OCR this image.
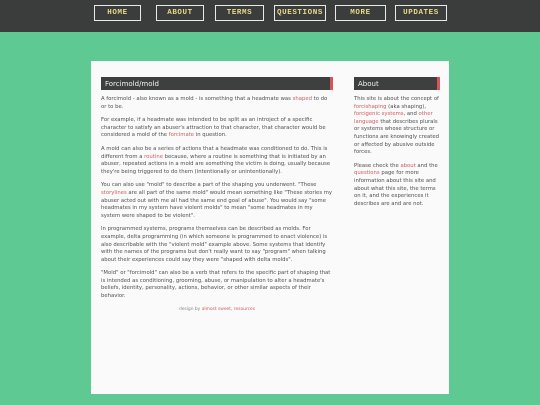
HOME	ABOUT	TERMS	QUESTIONS	MORE	UPDATES
Forcimold/mold

A forcimold - also known as a mold - is something that a headmate was shaped to do or to be.

For example, if a headmate was intended to be split as an introject of a specific character to satisfy an abuser's attraction to that character, that character would be considered a mold of the forcimate in question.

A mold can also be a series of actions that a headmate was conditioned to do. This is different from a routine because, where a routine is something that is initiated by an abuser, repeated actions in a mold are something the victim is doing, usually because they're being triggered to do them (intentionally or unintentionally).

You can also use "mold" to describe a part of the shaping you underwent. "These storylines are all part of the same mold" would mean something like "These stories my abuser acted out with me all had the same end goal of abuse". You would say "some headmates in my system have violent molds" to mean "some headmates in my system were shaped to be violent".

In programmed systems, programs themselves can be described as molds. For example, delta programming (in which someone is programmed to enact violence) is also describable with the "violent mold" example above. Some systems that identify with the names of the programs but don't really want to say "program" when talking about their experiences could say they were "shaped with delta molds".

"Mold" or "forcimold" can also be a verb that refers to the specific part of shaping that is intended as conditioning, grooming, abuse, or manipulation to alter a headmate's beliefs, identity, personality, actions, behavior, or other similar aspects of their behavior.

design by almost sweet, resources
About

This site is about the concept of forcishaping (aka shaping), forcigenic systems, and other language that describes plurals or systems whose structure or functions are knowingly created or affected by abusive outside forces.

Please check the about and the questions page for more information about this site and about what this site, the terms on it, and the experiences it describes are and are not.
